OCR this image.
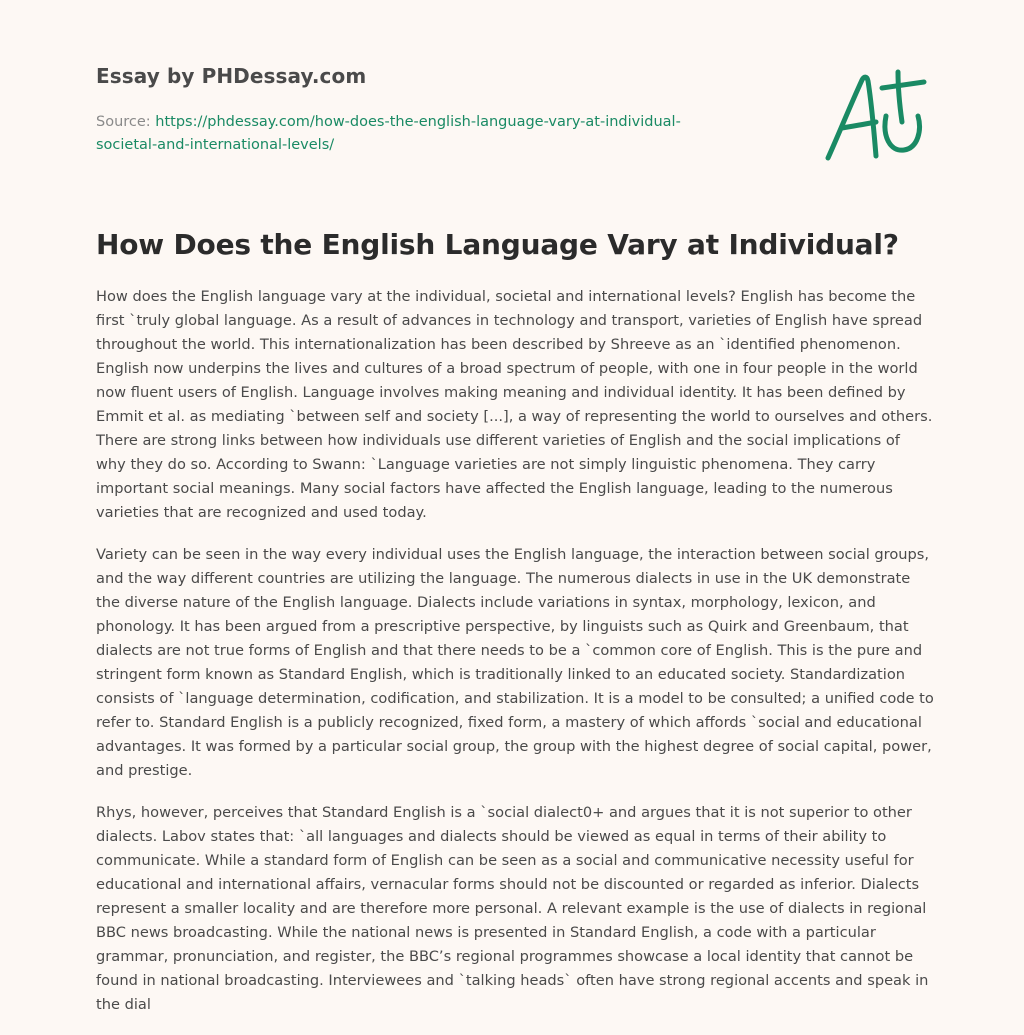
Essay by PHDessay.com

Source: https://phdessay.com/how-does-the-english-language-vary-at-individual-societal-and-international-levels/

How Does the English Language Vary at Individual?

How does the English language vary at the individual, societal and international levels? English has become the first `truly global language. As a result of advances in technology and transport, varieties of English have spread throughout the world. This internationalization has been described by Shreeve as an `identified phenomenon. English now underpins the lives and cultures of a broad spectrum of people, with one in four people in the world now fluent users of English. Language involves making meaning and individual identity. It has been defined by Emmit et al. as mediating `between self and society [...], a way of representing the world to ourselves and others. There are strong links between how individuals use different varieties of English and the social implications of why they do so. According to Swann: `Language varieties are not simply linguistic phenomena. They carry important social meanings. Many social factors have affected the English language, leading to the numerous varieties that are recognized and used today.

Variety can be seen in the way every individual uses the English language, the interaction between social groups, and the way different countries are utilizing the language. The numerous dialects in use in the UK demonstrate the diverse nature of the English language. Dialects include variations in syntax, morphology, lexicon, and phonology. It has been argued from a prescriptive perspective, by linguists such as Quirk and Greenbaum, that dialects are not true forms of English and that there needs to be a `common core of English. This is the pure and stringent form known as Standard English, which is traditionally linked to an educated society. Standardization consists of `language determination, codification, and stabilization. It is a model to be consulted; a unified code to refer to. Standard English is a publicly recognized, fixed form, a mastery of which affords `social and educational advantages. It was formed by a particular social group, the group with the highest degree of social capital, power, and prestige.

Rhys, however, perceives that Standard English is a `social dialect0+ and argues that it is not superior to other dialects. Labov states that: `all languages and dialects should be viewed as equal in terms of their ability to communicate. While a standard form of English can be seen as a social and communicative necessity useful for educational and international affairs, vernacular forms should not be discounted or regarded as inferior. Dialects represent a smaller locality and are therefore more personal. A relevant example is the use of dialects in regional BBC news broadcasting. While the national news is presented in Standard English, a code with a particular grammar, pronunciation, and register, the BBC’s regional programmes showcase a local identity that cannot be found in national broadcasting. Interviewees and `talking heads` often have strong regional accents and speak in the dial
